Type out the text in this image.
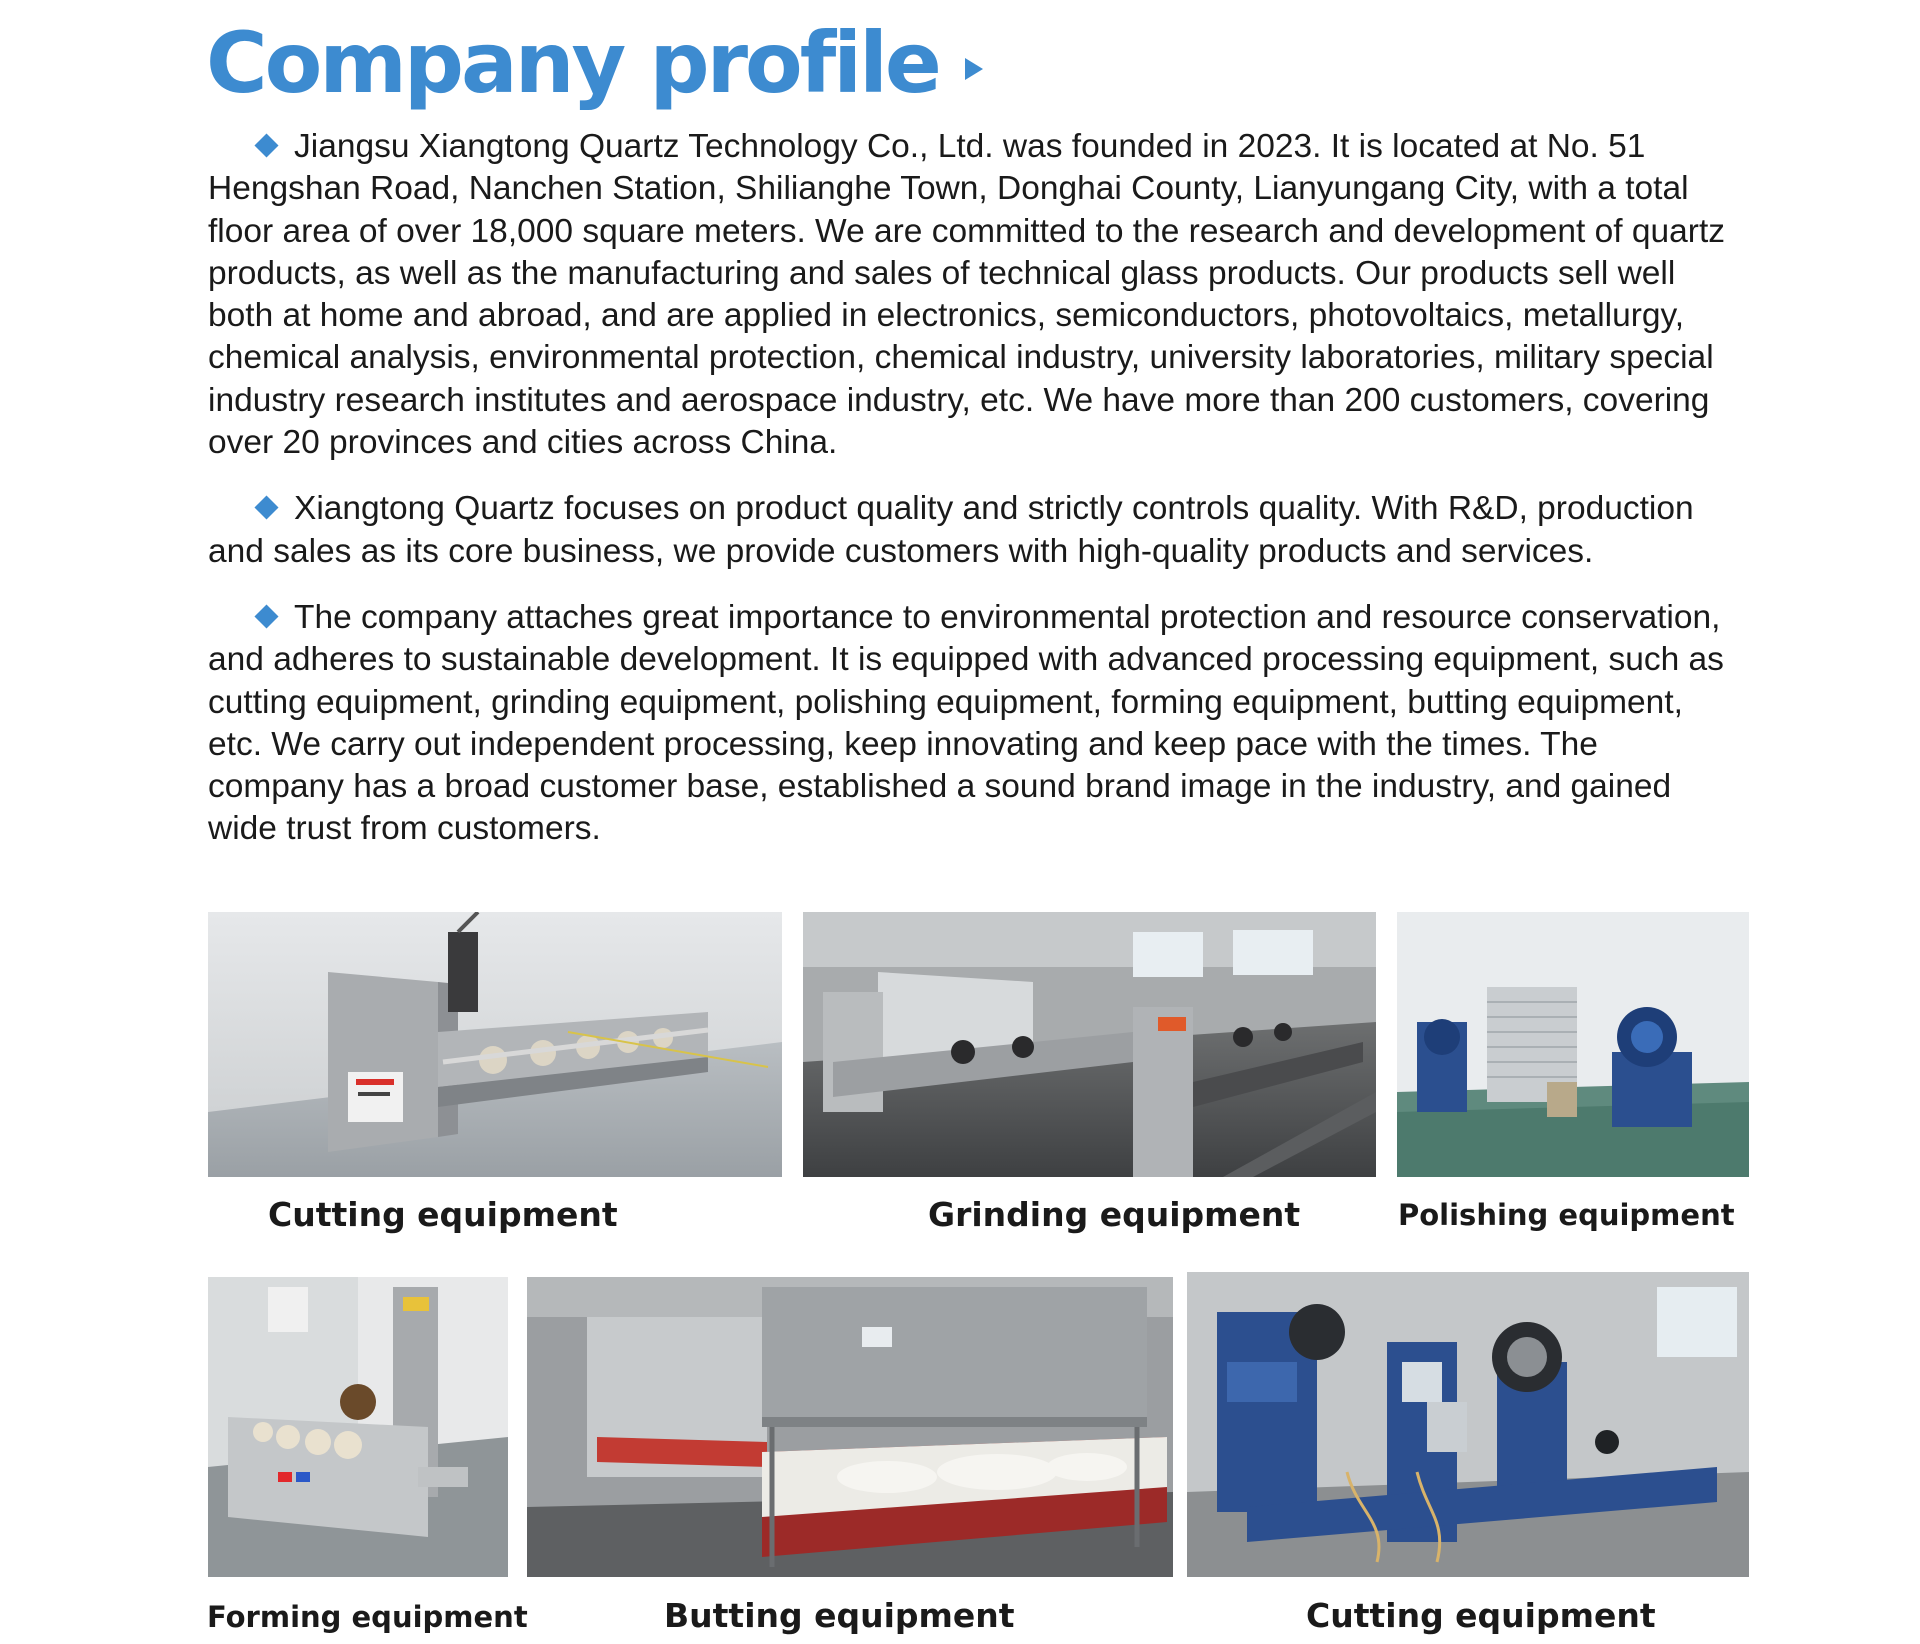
Company profile

Jiangsu Xiangtong Quartz Technology Co., Ltd. was founded in 2023. It is located at No. 51 Hengshan Road, Nanchen Station, Shilianghe Town, Donghai County, Lianyungang City, with a total floor area of over 18,000 square meters. We are committed to the research and development of quartz products, as well as the manufacturing and sales of technical glass products. Our products sell well both at home and abroad, and are applied in electronics, semiconductors, photovoltaics, metallurgy, chemical analysis, environmental protection, chemical industry, university laboratories, military special industry research institutes and aerospace industry, etc. We have more than 200 customers, covering over 20 provinces and cities across China.

Xiangtong Quartz focuses on product quality and strictly controls quality. With R&D, production and sales as its core business, we provide customers with high-quality products and services.

The company attaches great importance to environmental protection and resource conservation, and adheres to sustainable development. It is equipped with advanced processing equipment, such as cutting equipment, grinding equipment, polishing equipment, forming equipment, butting equipment, etc. We carry out independent processing, keep innovating and keep pace with the times. The company has a broad customer base, established a sound brand image in the industry, and gained wide trust from customers.

Cutting equipment	Grinding equipment	Polishing equipment
Forming equipment	Butting equipment	Cutting equipment
